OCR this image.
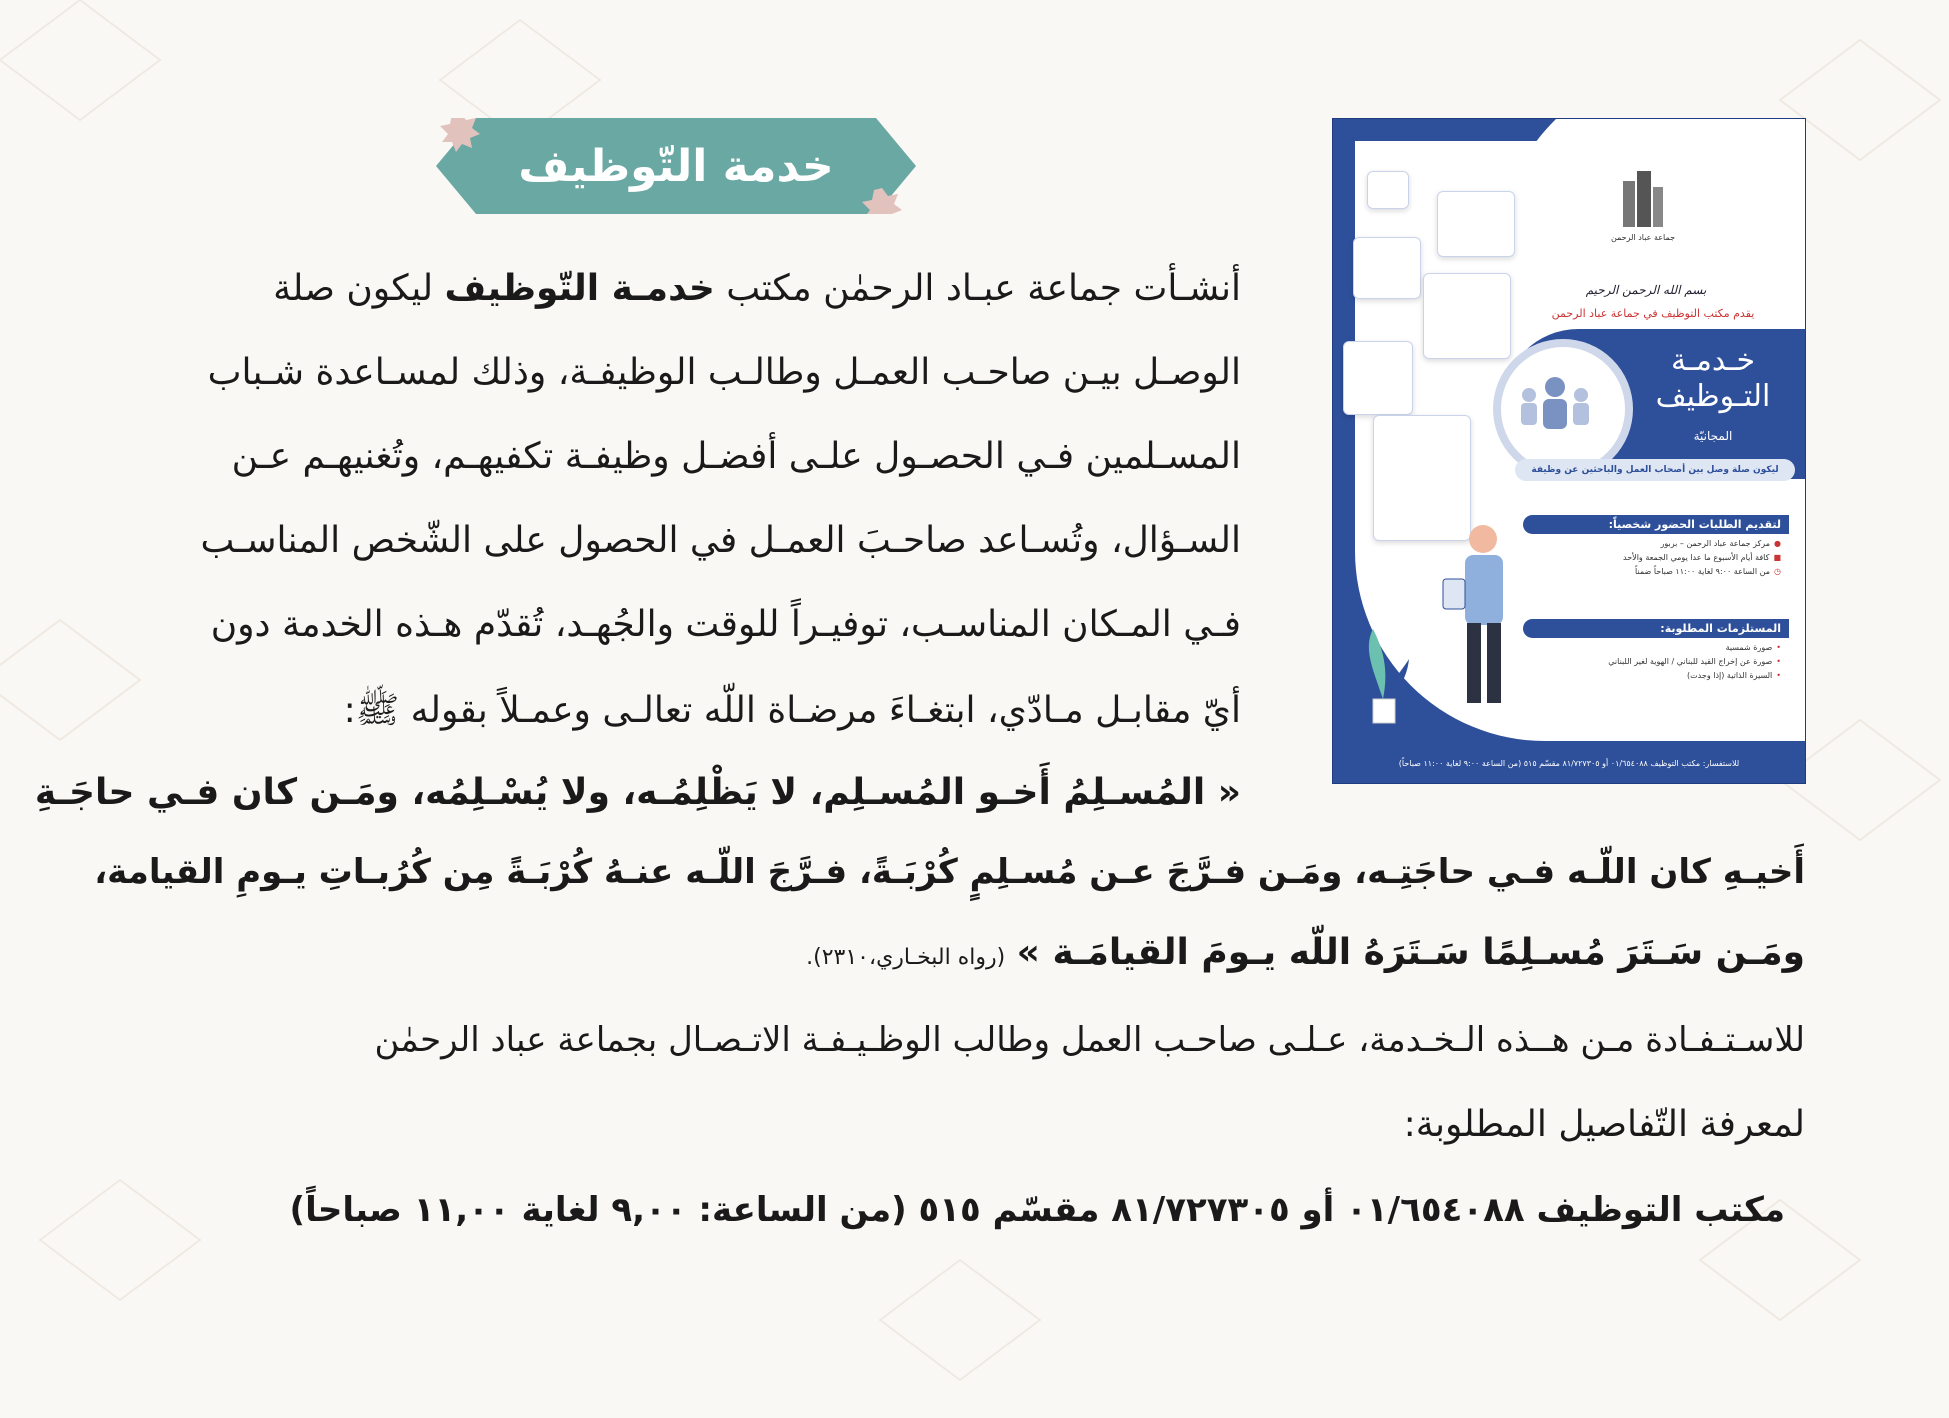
خدمة التّوظيف
أنشـأت جماعة عبـاد الرحمٰن مكتب خدمـة التّوظيف ليكون صلة
الوصـل بيـن صاحـب العمـل وطالـب الوظيفـة، وذلك لمسـاعدة شـباب
المسـلمين فـي الحصـول علـى أفضـل وظيفـة تكفيهـم، وتُغنيهـم عـن
السـؤال، وتُسـاعد صاحـبَ العمـل في الحصول على الشّخص المناسـب
فـي المـكان المناسـب، توفيـراً للوقت والجُهـد، تُقدّم هـذه الخدمة دون
أيّ مقابـل مـادّي، ابتغـاءَ مرضـاة اللّه تعالـى وعمـلاً بقوله ﷺ:
« المُسـلِمُ أَخـو المُسـلِم، لا يَظْلِمُـه، ولا يُسْـلِمُه، ومَـن كان فـي حاجَـةِ
أَخيـهِ كان اللّـه فـي حاجَتِـه، ومَـن فـرَّجَ عـن مُسـلِمٍ كُرْبَـةً، فـرَّجَ اللّـه عنـهُ كُرْبَـةً مِن كُرُبـاتِ يـومِ القيامة،
ومَـن سَـتَرَ مُسـلِمًا سَـتَرَهُ اللّه يـومَ القيامَـة » (رواه البخـاري،٢٣١٠).
للاسـتـفـادة مـن هــذه الـخـدمة، عـلـى صاحـب العمل وطالب الوظـيـفـة الاتـصـال بجماعة عباد الرحمٰن
لمعرفة التّفاصيل المطلوبة:
مكتب التوظيف ٠١/٦٥٤٠٨٨ أو ٨١/٧٢٧٣٠٥ مقسّم ٥١٥ (من الساعة: ٩,٠٠ لغاية ١١,٠٠ صباحاً)
جماعة عباد الرحمن
بسم الله الرحمن الرحيم
يقدم مكتب التوظيف في جماعة عباد الرحمن
خـدمـة
التـوظيف
المجانيّة
ليكون صلة وصل بين أصحاب العمل والباحثين عن وظيفة
لتقديم الطلبات الحضور شخصياً:
●مركز جماعة عباد الرحمن – بربور
■كافة أيام الأسبوع ما عدا يومي الجمعة والأحد
◷من الساعة ٩:٠٠ لغاية ١١:٠٠ صباحاً ضمناً
المستلزمات المطلوبة:
•صورة شمسية
•صورة عن إخراج القيد للبناني / الهوية لغير اللبناني
•السيرة الذاتية (إذا وجدت)
للاستفسار: مكتب التوظيف ٠١/٦٥٤٠٨٨ أو ٨١/٧٢٧٣٠٥ مقسّم ٥١٥ (من الساعة ٩:٠٠ لغاية ١١:٠٠ صباحاً)
